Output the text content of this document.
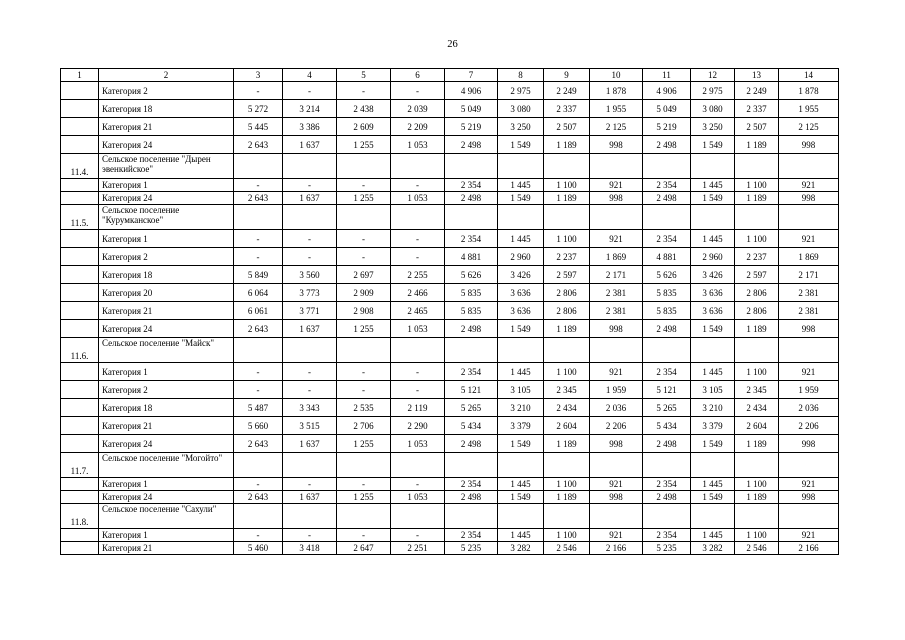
26
1	2	3	4	5	6	7	8	9	10	11	12	13	14
	Категория 2	-	-	-	-	4 906	2 975	2 249	1 878	4 906	2 975	2 249	1 878
	Категория 18	5 272	3 214	2 438	2 039	5 049	3 080	2 337	1 955	5 049	3 080	2 337	1 955
	Категория 21	5 445	3 386	2 609	2 209	5 219	3 250	2 507	2 125	5 219	3 250	2 507	2 125
	Категория 24	2 643	1 637	1 255	1 053	2 498	1 549	1 189	998	2 498	1 549	1 189	998
11.4.	Сельское поселение "Дырен эвенкийское"												
	Категория 1	-	-	-	-	2 354	1 445	1 100	921	2 354	1 445	1 100	921
	Категория 24	2 643	1 637	1 255	1 053	2 498	1 549	1 189	998	2 498	1 549	1 189	998
11.5.	Сельское поселение "Курумканское"												
	Категория 1	-	-	-	-	2 354	1 445	1 100	921	2 354	1 445	1 100	921
	Категория 2	-	-	-	-	4 881	2 960	2 237	1 869	4 881	2 960	2 237	1 869
	Категория 18	5 849	3 560	2 697	2 255	5 626	3 426	2 597	2 171	5 626	3 426	2 597	2 171
	Категория 20	6 064	3 773	2 909	2 466	5 835	3 636	2 806	2 381	5 835	3 636	2 806	2 381
	Категория 21	6 061	3 771	2 908	2 465	5 835	3 636	2 806	2 381	5 835	3 636	2 806	2 381
	Категория 24	2 643	1 637	1 255	1 053	2 498	1 549	1 189	998	2 498	1 549	1 189	998
11.6.	Сельское поселение "Майск"												
	Категория 1	-	-	-	-	2 354	1 445	1 100	921	2 354	1 445	1 100	921
	Категория 2	-	-	-	-	5 121	3 105	2 345	1 959	5 121	3 105	2 345	1 959
	Категория 18	5 487	3 343	2 535	2 119	5 265	3 210	2 434	2 036	5 265	3 210	2 434	2 036
	Категория 21	5 660	3 515	2 706	2 290	5 434	3 379	2 604	2 206	5 434	3 379	2 604	2 206
	Категория 24	2 643	1 637	1 255	1 053	2 498	1 549	1 189	998	2 498	1 549	1 189	998
11.7.	Сельское поселение "Могойто"												
	Категория 1	-	-	-	-	2 354	1 445	1 100	921	2 354	1 445	1 100	921
	Категория 24	2 643	1 637	1 255	1 053	2 498	1 549	1 189	998	2 498	1 549	1 189	998
11.8.	Сельское поселение "Сахули"												
	Категория 1	-	-	-	-	2 354	1 445	1 100	921	2 354	1 445	1 100	921
	Категория 21	5 460	3 418	2 647	2 251	5 235	3 282	2 546	2 166	5 235	3 282	2 546	2 166
